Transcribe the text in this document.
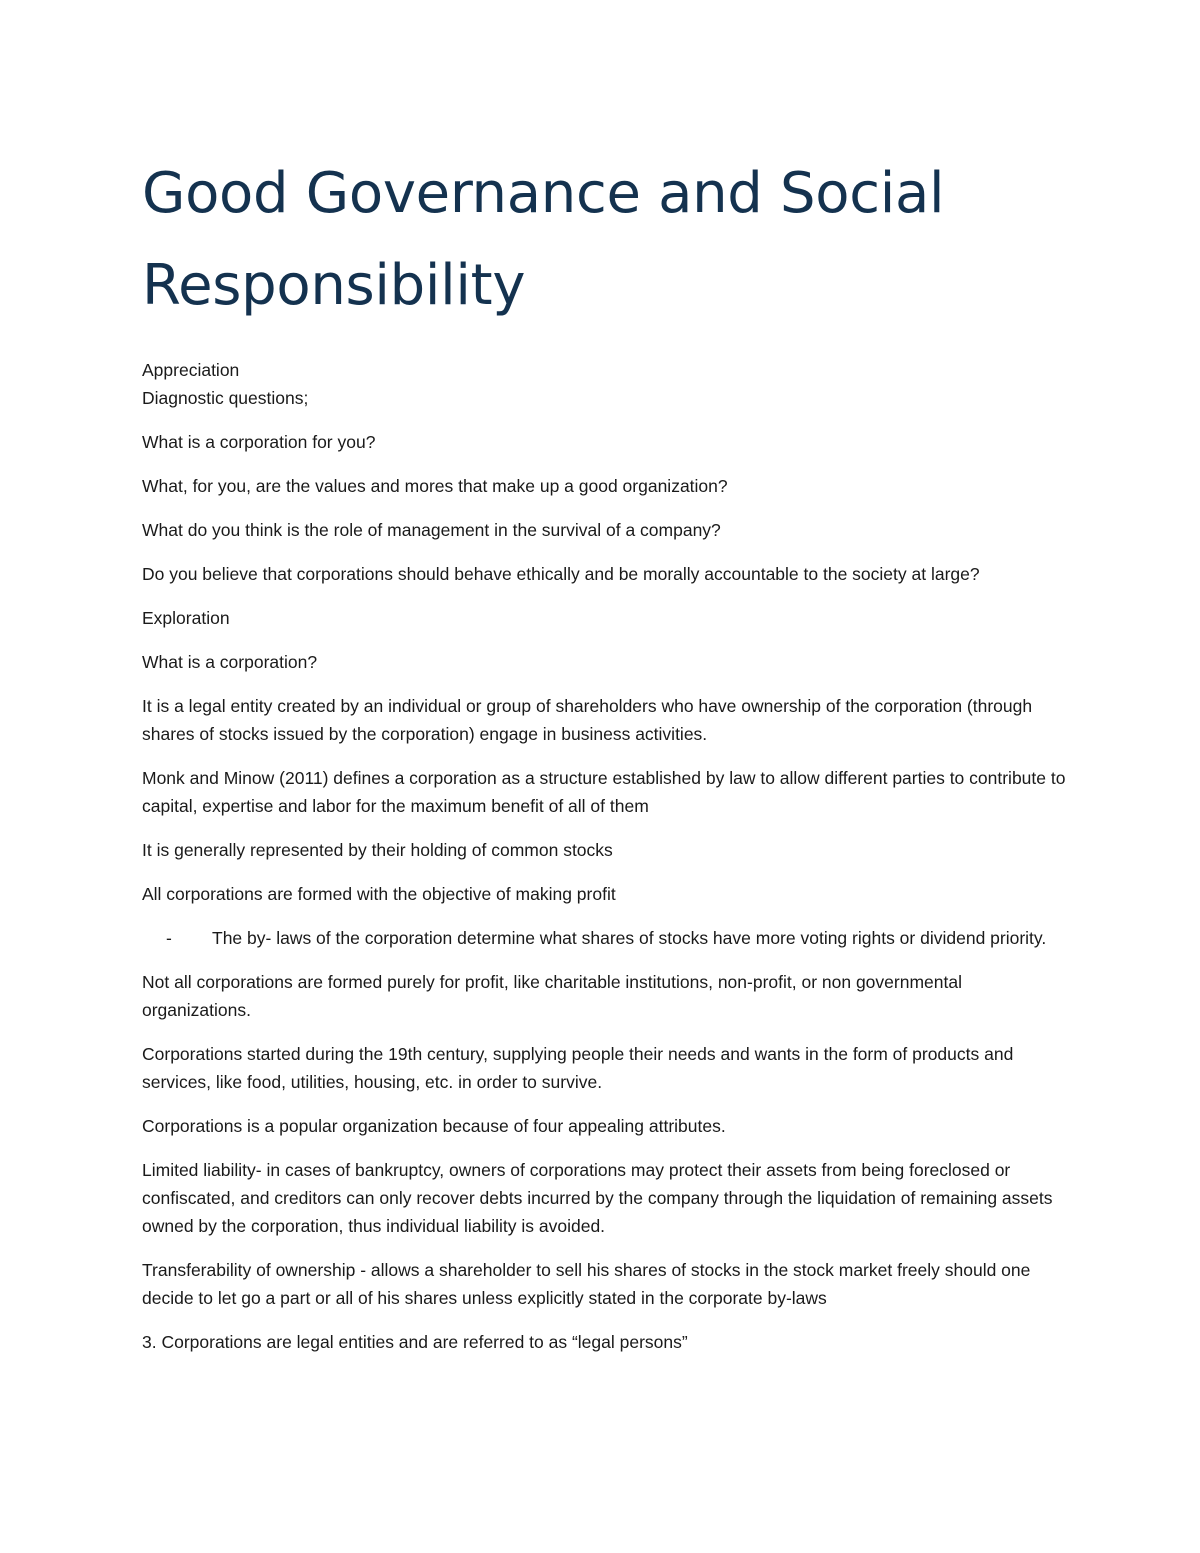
Good Governance and Social Responsibility

Appreciation

Diagnostic questions;

What is a corporation for you?

What, for you, are the values and mores that make up a good organization?

What do you think is the role of management in the survival of a company?

Do you believe that corporations should behave ethically and be morally accountable to the society at large?

Exploration

What is a corporation?

It is a legal entity created by an individual or group of shareholders who have ownership of the corporation (through shares of stocks issued by the corporation) engage in business activities.

Monk and Minow (2011) defines a corporation as a structure established by law to allow different parties to contribute to capital, expertise and labor for the maximum benefit of all of them

It is generally represented by their holding of common stocks

All corporations are formed with the objective of making profit

-	The by- laws of the corporation determine what shares of stocks have more voting rights or dividend priority.

Not all corporations are formed purely for profit, like charitable institutions, non-profit, or non governmental organizations.

Corporations started during the 19th century, supplying people their needs and wants in the form of products and services, like food, utilities, housing, etc. in order to survive.

Corporations is a popular organization because of four appealing attributes.

Limited liability- in cases of bankruptcy, owners of corporations may protect their assets from being foreclosed or confiscated, and creditors can only recover debts incurred by the company through the liquidation of remaining assets owned by the corporation, thus individual liability is avoided.

Transferability of ownership - allows a shareholder to sell his shares of stocks in the stock market freely should one decide to let go a part or all of his shares unless explicitly stated in the corporate by-laws

3. Corporations are legal entities and are referred to as “legal persons”
